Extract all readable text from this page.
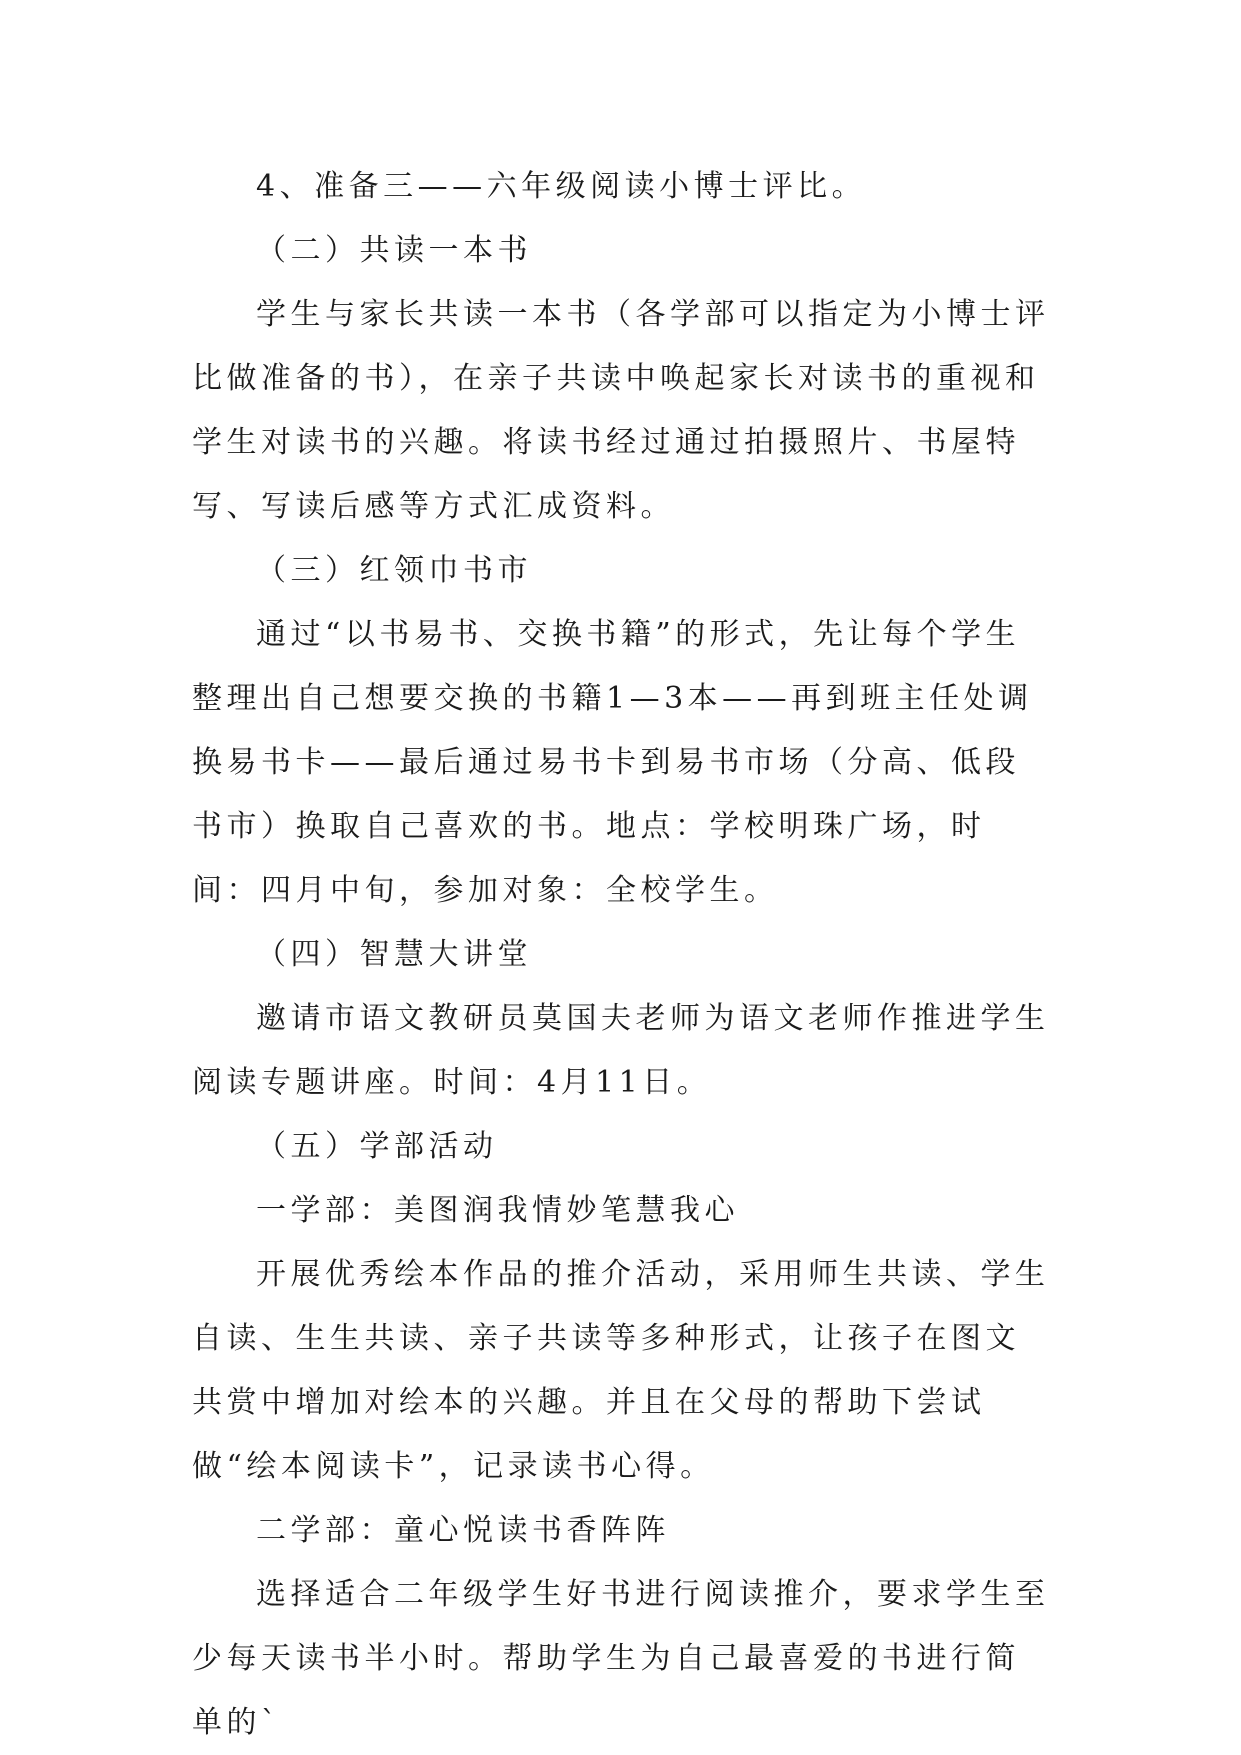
4、准备三——六年级阅读小博士评比。

（二）共读一本书

学生与家长共读一本书（各学部可以指定为小博士评比做准备的书），在亲子共读中唤起家长对读书的重视和学生对读书的兴趣。将读书经过通过拍摄照片、书屋特写、写读后感等方式汇成资料。

（三）红领巾书市

通过“以书易书、交换书籍”的形式，先让每个学生整理出自己想要交换的书籍1—3本——再到班主任处调换易书卡——最后通过易书卡到易书市场（分高、低段书市）换取自己喜欢的书。地点：学校明珠广场，时间：四月中旬，参加对象：全校学生。

（四）智慧大讲堂

邀请市语文教研员莫国夫老师为语文老师作推进学生阅读专题讲座。时间：4月11日。

（五）学部活动

一学部：美图润我情妙笔慧我心

开展优秀绘本作品的推介活动，采用师生共读、学生自读、生生共读、亲子共读等多种形式，让孩子在图文共赏中增加对绘本的兴趣。并且在父母的帮助下尝试做“绘本阅读卡”，记录读书心得。

二学部：童心悦读书香阵阵

选择适合二年级学生好书进行阅读推介，要求学生至少每天读书半小时。帮助学生为自己最喜爱的书进行简单的`
